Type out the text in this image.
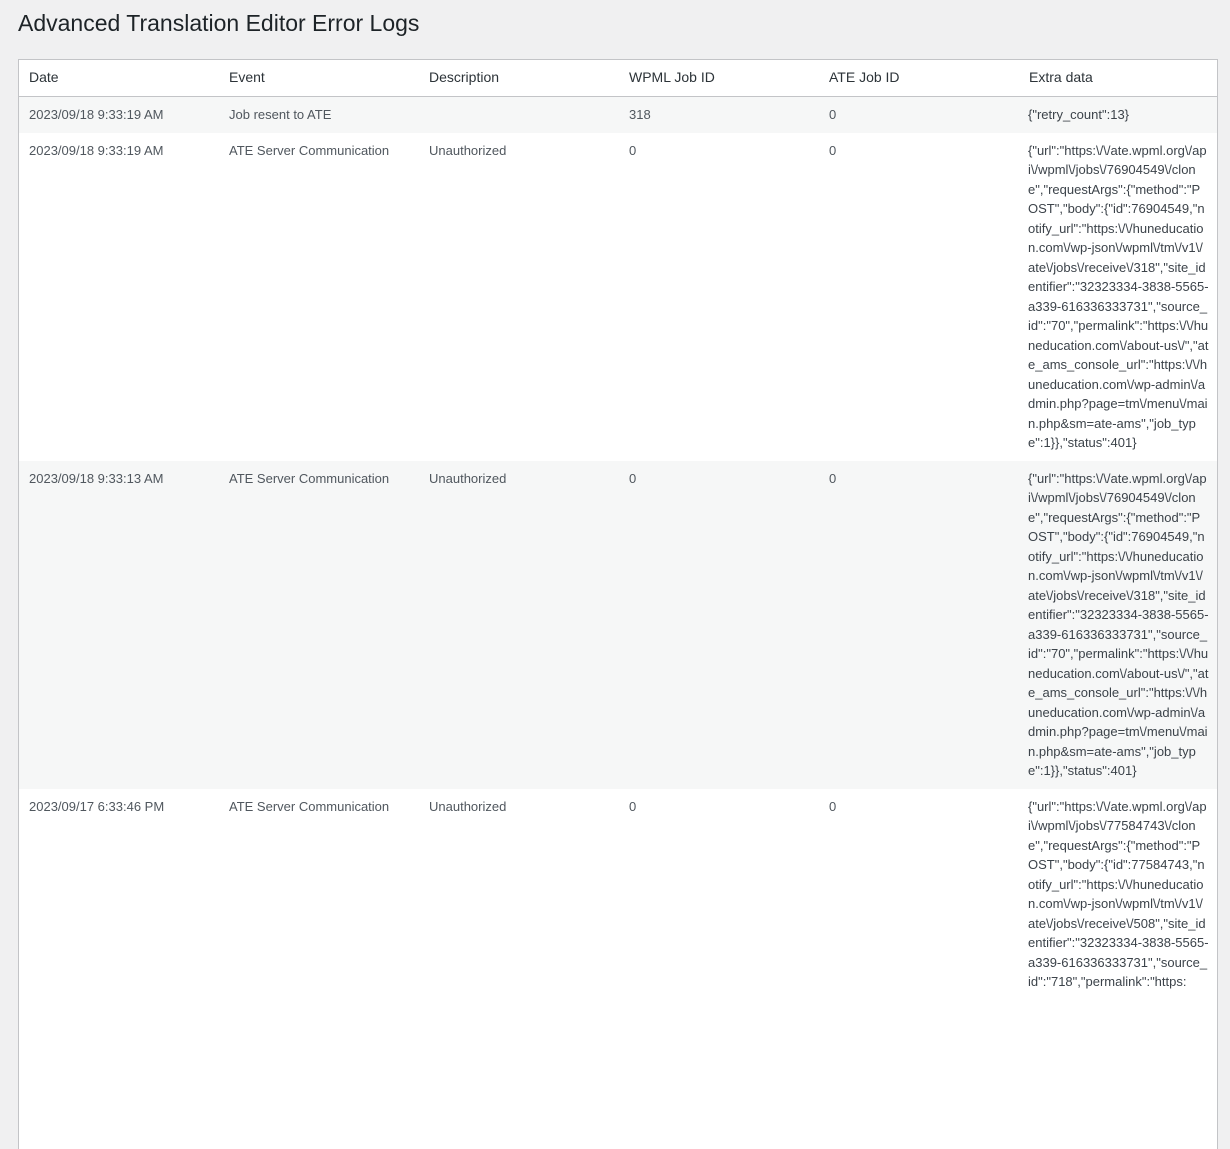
Advanced Translation Editor Error Logs
Date	Event	Description	WPML Job ID	ATE Job ID	Extra data
2023/09/18 9:33:19 AM	Job resent to ATE		318	0	{"retry_count":13}
2023/09/18 9:33:19 AM	ATE Server Communication	Unauthorized	0	0	{"url":"https:\/\/ate.wpml.org\/api\/wpml\/jobs\/76904549\/clone","requestArgs":{"method":"POST","body":{"id":76904549,"notify_url":"https:\/\/huneducation.com\/wp-json\/wpml\/tm\/v1\/ate\/jobs\/receive\/318","site_identifier":"32323334-3838-5565-a339-616336333731","source_id":"70","permalink":"https:\/\/huneducation.com\/about-us\/","ate_ams_console_url":"https:\/\/huneducation.com\/wp-admin\/admin.php?page=tm\/menu\/main.php&sm=ate-ams","job_type":1}},"status":401}
2023/09/18 9:33:13 AM	ATE Server Communication	Unauthorized	0	0	{"url":"https:\/\/ate.wpml.org\/api\/wpml\/jobs\/76904549\/clone","requestArgs":{"method":"POST","body":{"id":76904549,"notify_url":"https:\/\/huneducation.com\/wp-json\/wpml\/tm\/v1\/ate\/jobs\/receive\/318","site_identifier":"32323334-3838-5565-a339-616336333731","source_id":"70","permalink":"https:\/\/huneducation.com\/about-us\/","ate_ams_console_url":"https:\/\/huneducation.com\/wp-admin\/admin.php?page=tm\/menu\/main.php&sm=ate-ams","job_type":1}},"status":401}
2023/09/17 6:33:46 PM	ATE Server Communication	Unauthorized	0	0	{"url":"https:\/\/ate.wpml.org\/api\/wpml\/jobs\/77584743\/clone","requestArgs":{"method":"POST","body":{"id":77584743,"notify_url":"https:\/\/huneducation.com\/wp-json\/wpml\/tm\/v1\/ate\/jobs\/receive\/508","site_identifier":"32323334-3838-5565-a339-616336333731","source_id":"718","permalink":"https:
